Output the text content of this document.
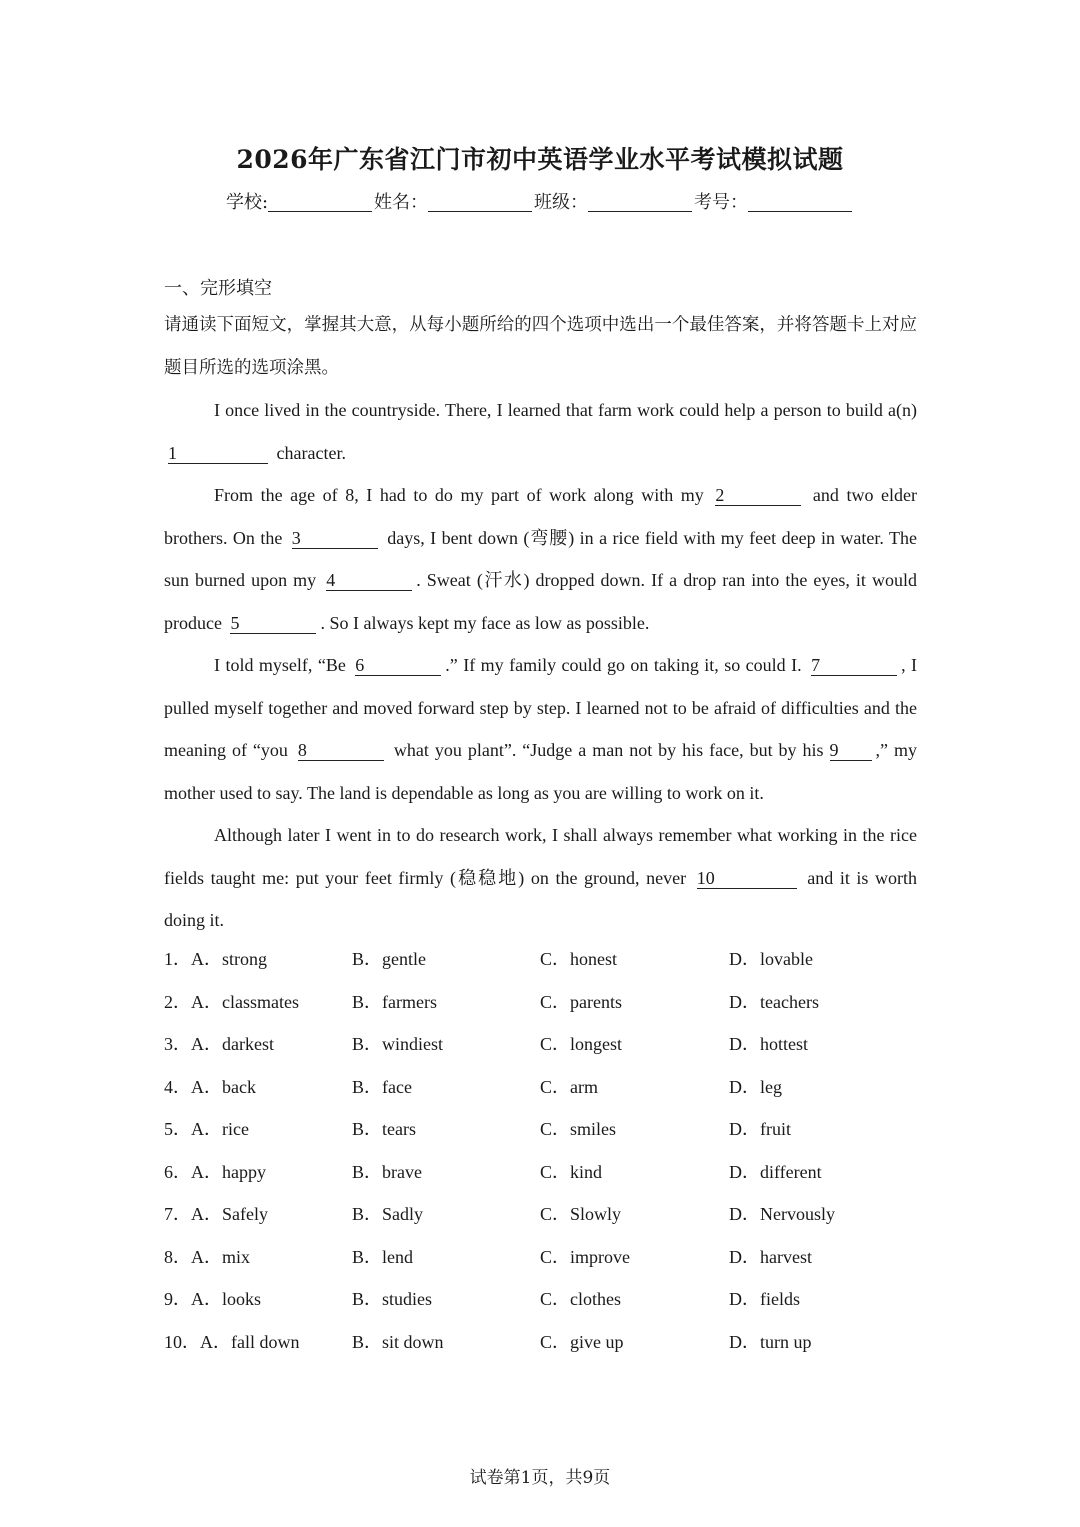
2026年广东省江门市初中英语学业水平考试模拟试题
学校:	姓名：	班级：	考号：
一、完形填空

请通读下面短文，掌握其大意，从每小题所给的四个选项中选出一个最佳答案，并将答题卡上对应题目所选的选项涂黑。

I once lived in the countryside. There, I learned that farm work could help a person to build a(n) 1	character.

From the age of 8, I had to do my part of work along with my 2	and two elder brothers. On the 3	days, I bent down (弯腰) in a rice field with my feet deep in water. The sun burned upon my 4	. Sweat (汗水) dropped down. If a drop ran into the eyes, it would produce 5	. So I always kept my face as low as possible.

I told myself, “Be 6	.” If my family could go on taking it, so could I. 7	, I pulled myself together and moved forward step by step. I learned not to be afraid of difficulties and the meaning of “you 8	what you plant”. “Judge a man not by his face, but by his 9 ,” my mother used to say. The land is dependable as long as you are willing to work on it.

Although later I went in to do research work, I shall always remember what working in the rice fields taught me: put your feet firmly (稳稳地) on the ground, never 10	and it is worth doing it.

1．A．strong	B．gentle	C．honest	D．lovable
2．A．classmates	B．farmers	C．parents	D．teachers
3．A．darkest	B．windiest	C．longest	D．hottest
4．A．back	B．face	C．arm	D．leg
5．A．rice	B．tears	C．smiles	D．fruit
6．A．happy	B．brave	C．kind	D．different
7．A．Safely	B．Sadly	C．Slowly	D．Nervously
8．A．mix	B．lend	C．improve	D．harvest
9．A．looks	B．studies	C．clothes	D．fields
10．A．fall down	B．sit down	C．give up	D．turn up
试卷第1页，共9页
